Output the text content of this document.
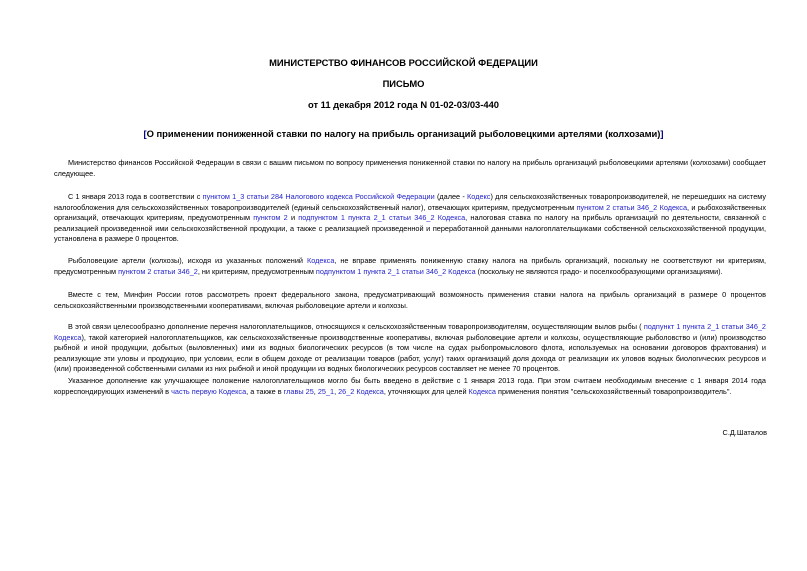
МИНИСТЕРСТВО ФИНАНСОВ РОССИЙСКОЙ ФЕДЕРАЦИИ
ПИСЬМО
от 11 декабря 2012 года N 01-02-03/03-440
[О применении пониженной ставки по налогу на прибыль организаций рыболовецкими артелями (колхозами)]

Министерство финансов Российской Федерации в связи с вашим письмом по вопросу применения пониженной ставки по налогу на прибыль организаций рыболовецкими артелями (колхозами) сообщает следующее.

С 1 января 2013 года в соответствии с пунктом 1_3 статьи 284 Налогового кодекса Российской Федерации (далее - Кодекс) для сельскохозяйственных товаропроизводителей, не перешедших на систему налогообложения для сельскохозяйственных товаропроизводителей (единый сельскохозяйственный налог), отвечающих критериям, предусмотренным пунктом 2 статьи 346_2 Кодекса, и рыбохозяйственных организаций, отвечающих критериям, предусмотренным пунктом 2 и подпунктом 1 пункта 2_1 статьи 346_2 Кодекса, налоговая ставка по налогу на прибыль организаций по деятельности, связанной с реализацией произведенной ими сельскохозяйственной продукции, а также с реализацией произведенной и переработанной данными налогоплательщиками собственной сельскохозяйственной продукции, установлена в размере 0 процентов.

Рыболовецкие артели (колхозы), исходя из указанных положений Кодекса, не вправе применять пониженную ставку налога на прибыль организаций, поскольку не соответствуют ни критериям, предусмотренным пунктом 2 статьи 346_2, ни критериям, предусмотренным подпунктом 1 пункта 2_1 статьи 346_2 Кодекса (поскольку не являются градо- и поселкообразующими организациями).

Вместе с тем, Минфин России готов рассмотреть проект федерального закона, предусматривающий возможность применения ставки налога на прибыль организаций в размере 0 процентов сельскохозяйственными производственными кооперативами, включая рыболовецкие артели и колхозы.

В этой связи целесообразно дополнение перечня налогоплательщиков, относящихся к сельскохозяйственным товаропроизводителям, осуществляющим вылов рыбы ( подпункт 1 пункта 2_1 статьи 346_2 Кодекса), такой категорией налогоплательщиков, как сельскохозяйственные производственные кооперативы, включая рыболовецкие артели и колхозы, осуществляющие рыболовство и (или) производство рыбной и иной продукции, добытых (выловленных) ими из водных биологических ресурсов (в том числе на судах рыбопромыслового флота, используемых на основании договоров фрахтования) и реализующие эти уловы и продукцию, при условии, если в общем доходе от реализации товаров (работ, услуг) таких организаций доля дохода от реализации их уловов водных биологических ресурсов и (или) произведенной собственными силами из них рыбной и иной продукции из водных биологических ресурсов составляет не менее 70 процентов.

Указанное дополнение как улучшающее положение налогоплательщиков могло бы быть введено в действие с 1 января 2013 года. При этом считаем необходимым внесение с 1 января 2014 года корреспондирующих изменений в часть первую Кодекса, а также в главы 25, 25_1, 26_2 Кодекса, уточняющих для целей Кодекса применения понятия "сельскохозяйственный товаропроизводитель".

С.Д.Шаталов
